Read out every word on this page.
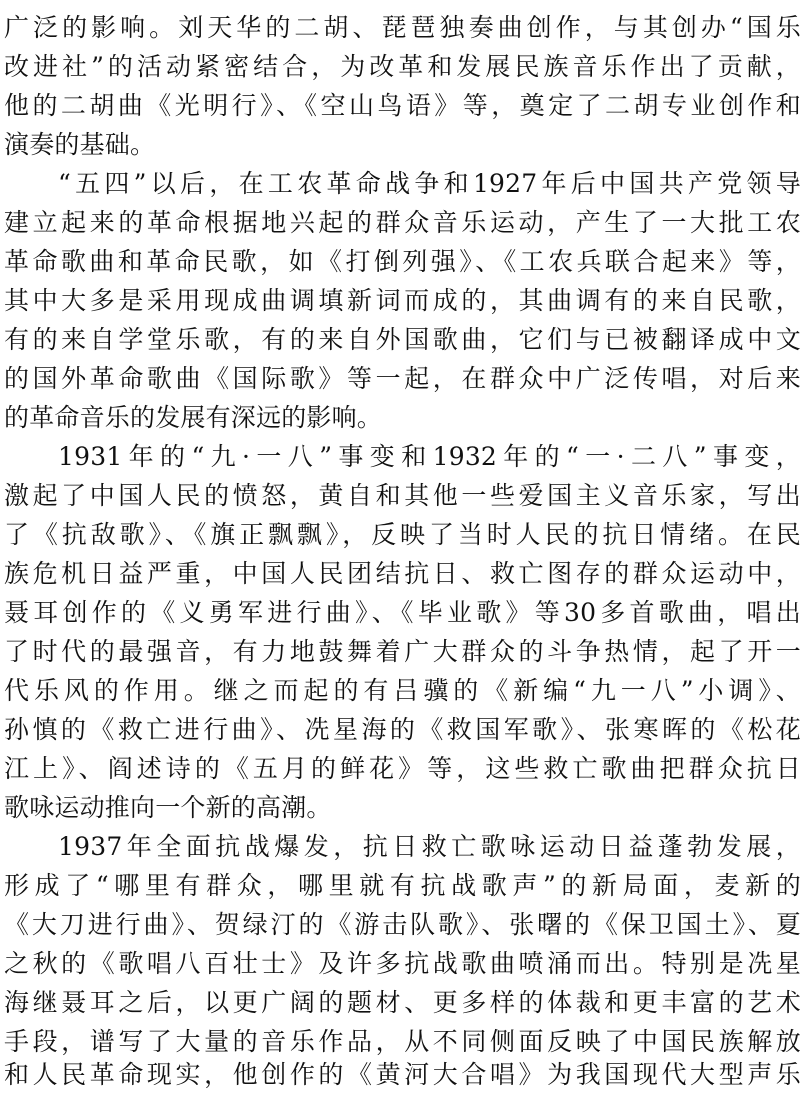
广泛的影响。刘天华的二胡、琵琶独奏曲创作，与其创办“国乐
改进社”的活动紧密结合，为改革和发展民族音乐作出了贡献，
他的二胡曲《光明行》、《空山鸟语》等，奠定了二胡专业创作和
演奏的基础。
“五四”以后，在工农革命战争和1927年后中国共产党领导
建立起来的革命根据地兴起的群众音乐运动，产生了一大批工农
革命歌曲和革命民歌，如《打倒列强》、《工农兵联合起来》等，
其中大多是采用现成曲调填新词而成的，其曲调有的来自民歌，
有的来自学堂乐歌，有的来自外国歌曲，它们与已被翻译成中文
的国外革命歌曲《国际歌》等一起，在群众中广泛传唱，对后来
的革命音乐的发展有深远的影响。
1931年的“九·一八”事变和1932年的“一·二八”事变，
激起了中国人民的愤怒，黄自和其他一些爱国主义音乐家，写出
了《抗敌歌》、《旗正飘飘》，反映了当时人民的抗日情绪。在民
族危机日益严重，中国人民团结抗日、救亡图存的群众运动中，
聂耳创作的《义勇军进行曲》、《毕业歌》等30多首歌曲，唱出
了时代的最强音，有力地鼓舞着广大群众的斗争热情，起了开一
代乐风的作用。继之而起的有吕骥的《新编“九一八”小调》、
孙慎的《救亡进行曲》、冼星海的《救国军歌》、张寒晖的《松花
江上》、阎述诗的《五月的鲜花》等，这些救亡歌曲把群众抗日
歌咏运动推向一个新的高潮。
1937年全面抗战爆发，抗日救亡歌咏运动日益蓬勃发展，
形成了“哪里有群众，哪里就有抗战歌声”的新局面，麦新的
《大刀进行曲》、贺绿汀的《游击队歌》、张曙的《保卫国土》、夏
之秋的《歌唱八百壮士》及许多抗战歌曲喷涌而出。特别是冼星
海继聂耳之后，以更广阔的题材、更多样的体裁和更丰富的艺术
手段，谱写了大量的音乐作品，从不同侧面反映了中国民族解放
和人民革命现实，他创作的《黄河大合唱》为我国现代大型声乐
